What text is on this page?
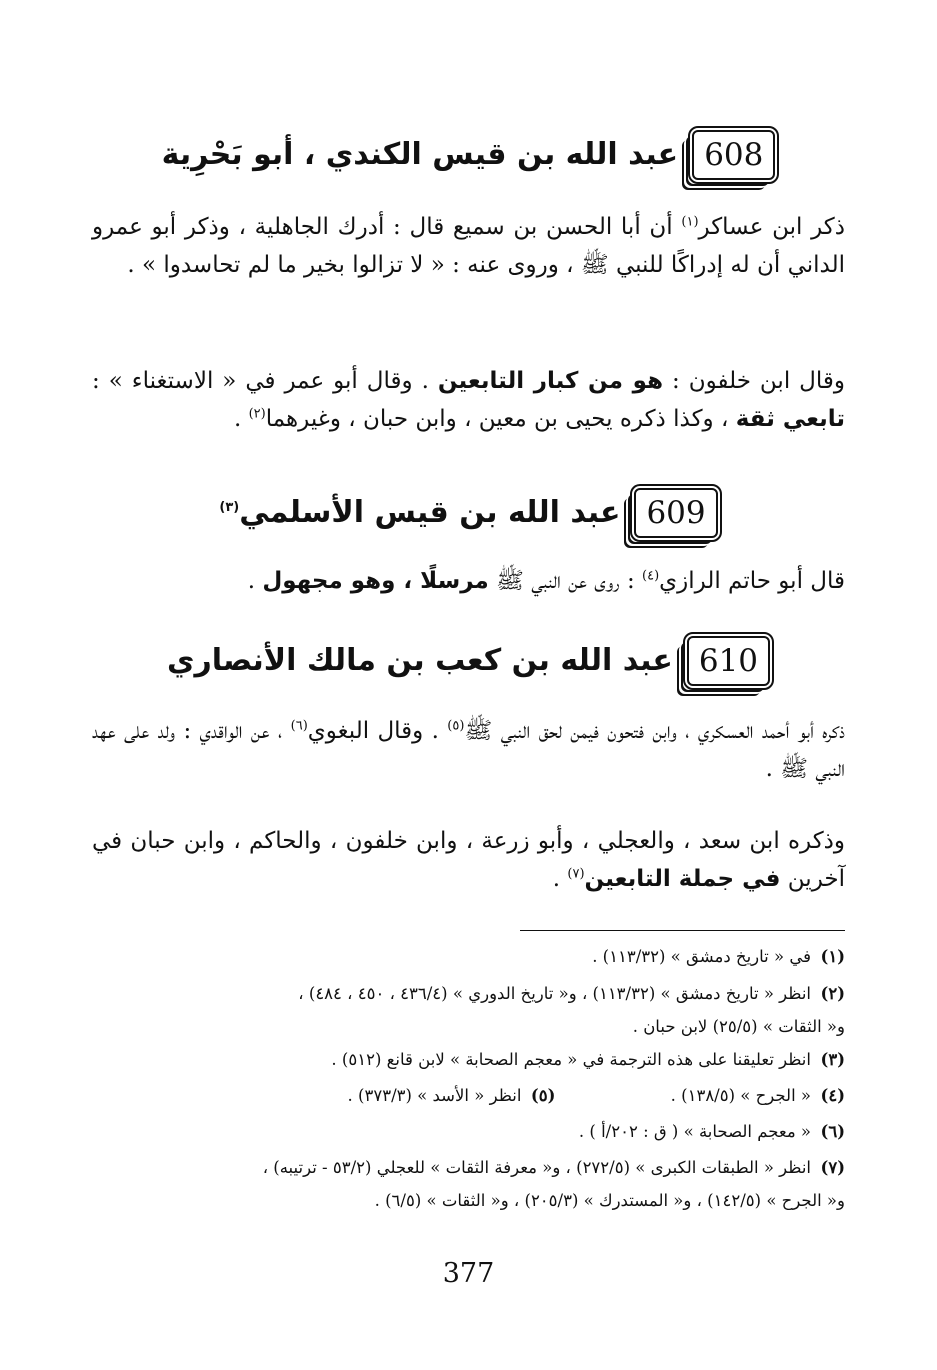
608
عبد الله بن قيس الكندي ، أبو بَحْرِية
ذكر ابن عساكر$^{(١)}$ أن أبا الحسن بن سميع قال : أدرك الجاهلية ، وذكر أبو عمرو الداني أن له إدراكًا للنبي ﷺ ، وروى عنه : « لا تزالوا بخير ما لم تحاسدوا » .
وقال ابن خلفون : هو من كبار التابعين . وقال أبو عمر في « الاستغناء » : تابعي ثقة ، وكذا ذكره يحيى بن معين ، وابن حبان ، وغيرهما$^{(٢)}$ .
609
عبد الله بن قيس الأسلمي$^{(٣)}$
قال أبو حاتم الرازي$^{(٤)}$ : روى عن النبي ﷺ مرسلًا ، وهو مجهول .
610
عبد الله بن كعب بن مالك الأنصاري
ذكره أبو أحمد العسكري ، وابن فتحون فيمن لحق النبي ﷺ$^{(٥)}$ . وقال البغوي$^{(٦)}$ ، عن الواقدي : ولد على عهد النبي ﷺ .
وذكره ابن سعد ، والعجلي ، وأبو زرعة ، وابن خلفون ، والحاكم ، وابن حبان في آخرين في جملة التابعين$^{(٧)}$ .
(١)في « تاريخ دمشق » (١١٣/٣٢) .
(٢)انظر « تاريخ دمشق » (١١٣/٣٢) ، و« تاريخ الدوري » (٤٣٦/٤ ، ٤٥٠ ، ٤٨٤) ،
و« الثقات » (٢٥/٥) لابن حبان .
(٣)انظر تعليقنا على هذه الترجمة في « معجم الصحابة » لابن قانع (٥١٢) .
(٤)« الجرح » (١٣٨/٥) . (٥)انظر « الأسد » (٣٧٣/٣) .
(٦)« معجم الصحابة » ( ق : ٢٠٢/أ ) .
(٧)انظر « الطبقات الكبرى » (٢٧٢/٥) ، و« معرفة الثقات » للعجلي (٥٣/٢ - ترتيبه) ،
و« الجرح » (١٤٢/٥) ، و« المستدرك » (٢٠٥/٣) ، و« الثقات » (٦/٥) .
377
